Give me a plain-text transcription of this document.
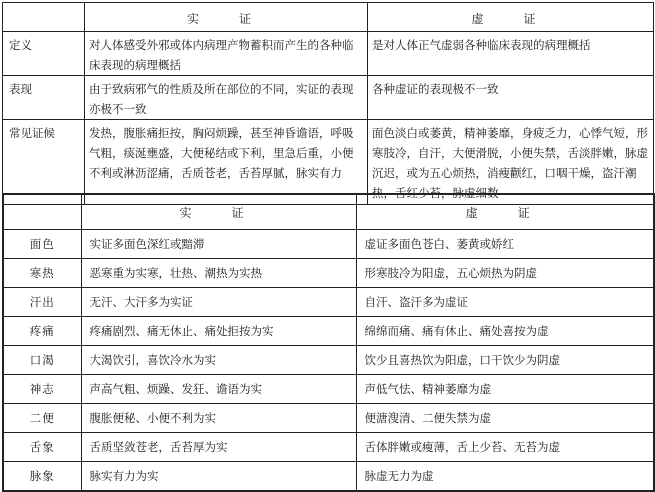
	实　证	虚　证
定义	对人体感受外邪或体内病理产物蓄积而产生的各种临床表现的病理概括	是对人体正气虚弱各种临床表现的病理概括
表现	由于致病邪气的性质及所在部位的不同，实证的表现亦极不一致	各种虚证的表现极不一致
常见证候	发热，腹胀痛拒按，胸闷烦躁，甚至神昏谵语，呼吸气粗，痰涎壅盛，大便秘结或下利，里急后重，小便不利或淋沥涩痛，舌质苍老，舌苔厚腻，脉实有力	面色淡白或萎黄，精神萎靡，身疲乏力，心悸气短，形寒肢冷，自汗，大便滑脱，小便失禁，舌淡胖嫩，脉虚沉迟，或为五心烦热，消瘦颧红，口咽干燥，盗汗潮热，舌红少苔，脉虚细数
	实　证	虚　证
面色	实证多面色深红或黯滞	虚证多面色苍白、萎黄或娇红
寒热	恶寒重为实寒，壮热、潮热为实热	形寒肢冷为阳虚，五心烦热为阴虚
汗出	无汗、大汗多为实证	自汗、盗汗多为虚证
疼痛	疼痛剧烈、痛无休止、痛处拒按为实	绵绵而痛、痛有休止、痛处喜按为虚
口渴	大渴饮引，喜饮冷水为实	饮少且喜热饮为阳虚，口干饮少为阴虚
神志	声高气粗、烦躁、发狂、谵语为实	声低气怯、精神萎靡为虚
二便	腹胀便秘、小便不利为实	便溏溲清、二便失禁为虚
舌象	舌质坚敛苍老，舌苔厚为实	舌体胖嫩或瘦薄，舌上少苔、无苔为虚
脉象	脉实有力为实	脉虚无力为虚
